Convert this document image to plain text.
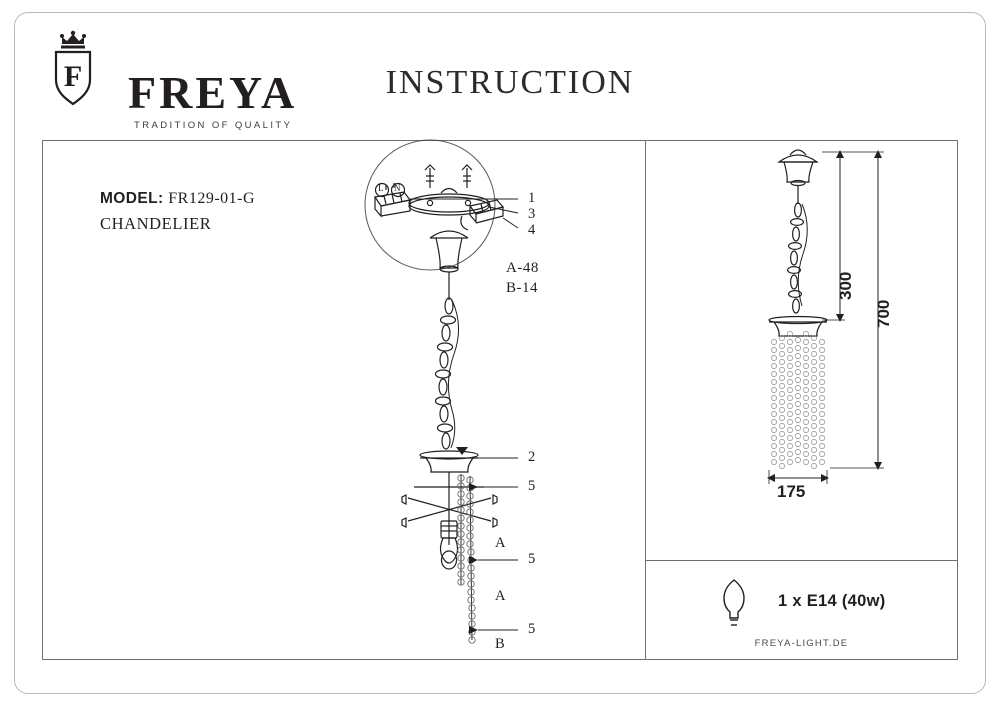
F FREYA
TRADITION OF QUALITY
INSTRUCTION
MODEL: FR129-01-G
CHANDELIER
A-48
B-14
1
3
4
2
5
5
5
A
A
B
L N
300
700
175
1 x E14 (40w)
FREYA-LIGHT.DE
